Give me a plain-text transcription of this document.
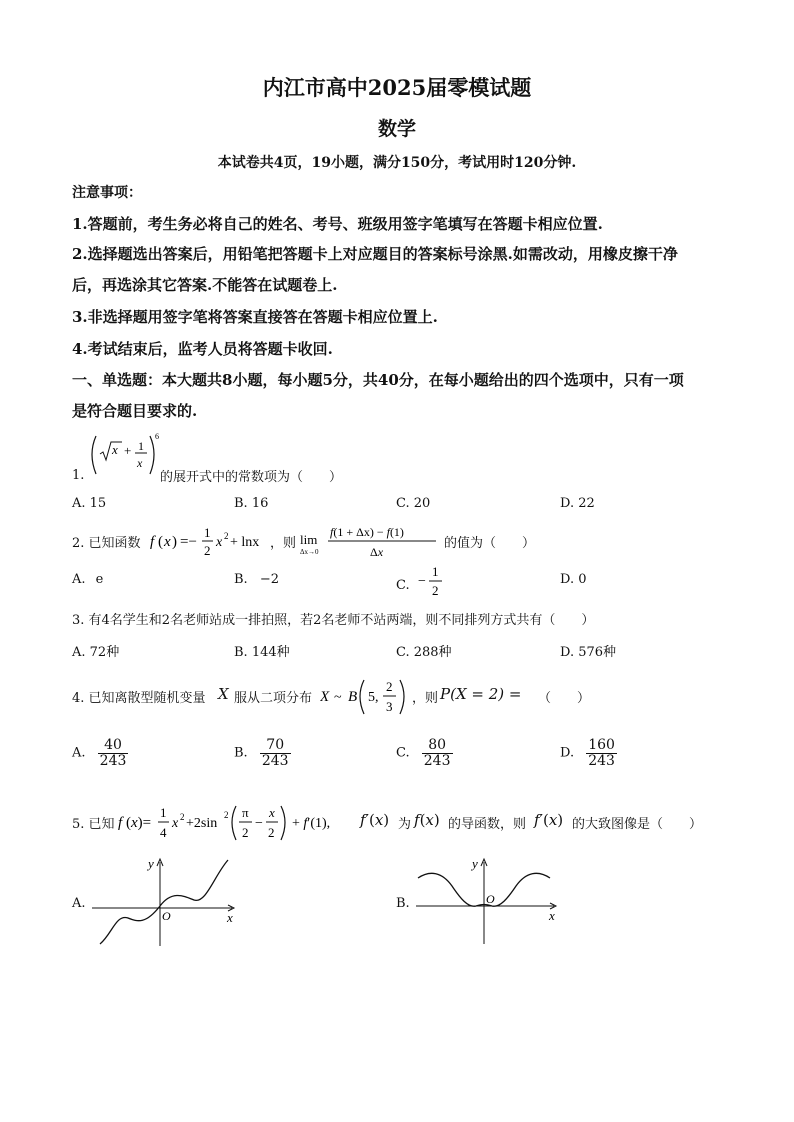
内江市高中2025届零模试题
数学
本试卷共4页，19小题，满分150分，考试用时120分钟.
注意事项：
1.答题前，考生务必将自己的姓名、考号、班级用签字笔填写在答题卡相应位置.
2.选择题选出答案后，用铅笔把答题卡上对应题目的答案标号涂黑.如需改动，用橡皮擦干净
后，再选涂其它答案.不能答在试题卷上.
3.非选择题用签字笔将答案直接答在答题卡相应位置上.
4.考试结束后，监考人员将答题卡收回.
一、单选题：本大题共8小题，每小题5分，共40分，在每小题给出的四个选项中，只有一项
是符合题目要求的.
1.
x + 1
x
6
的展开式中的常数项为（　　）
A. 15	B. 16	C. 20	D. 22
2. 已知函数 f ( x ) =−
1
2
x 2 + lnx ，则 lim
Δx→0
f(1 + Δx) − f(1)
Δx
的值为（　　）
A. e	B. −2	C. −
1
2
D. 0
3. 有4名学生和2名老师站成一排拍照，若2名老师不站两端，则不同排列方式共有（　　）
A. 72种	B. 144种	C. 288种	D. 576种
4. 已知离散型随机变量 X 服从二项分布 X ~ B 5,
2
3
，则 P(X = 2) = （　　）
A. $\frac{40}{243}$	B. $\frac{70}{243}$	C. $\frac{80}{243}$	D. $\frac{160}{243}$
5. 已知 f (x)=
1
4
x 2 +2sin
2 π
2
−
x
2
+ f′(1), f′(x) 为 f(x) 的导函数，则 f′(x) 的大致图像是（　　）
A.
y
x
O
B.
y
x
O
